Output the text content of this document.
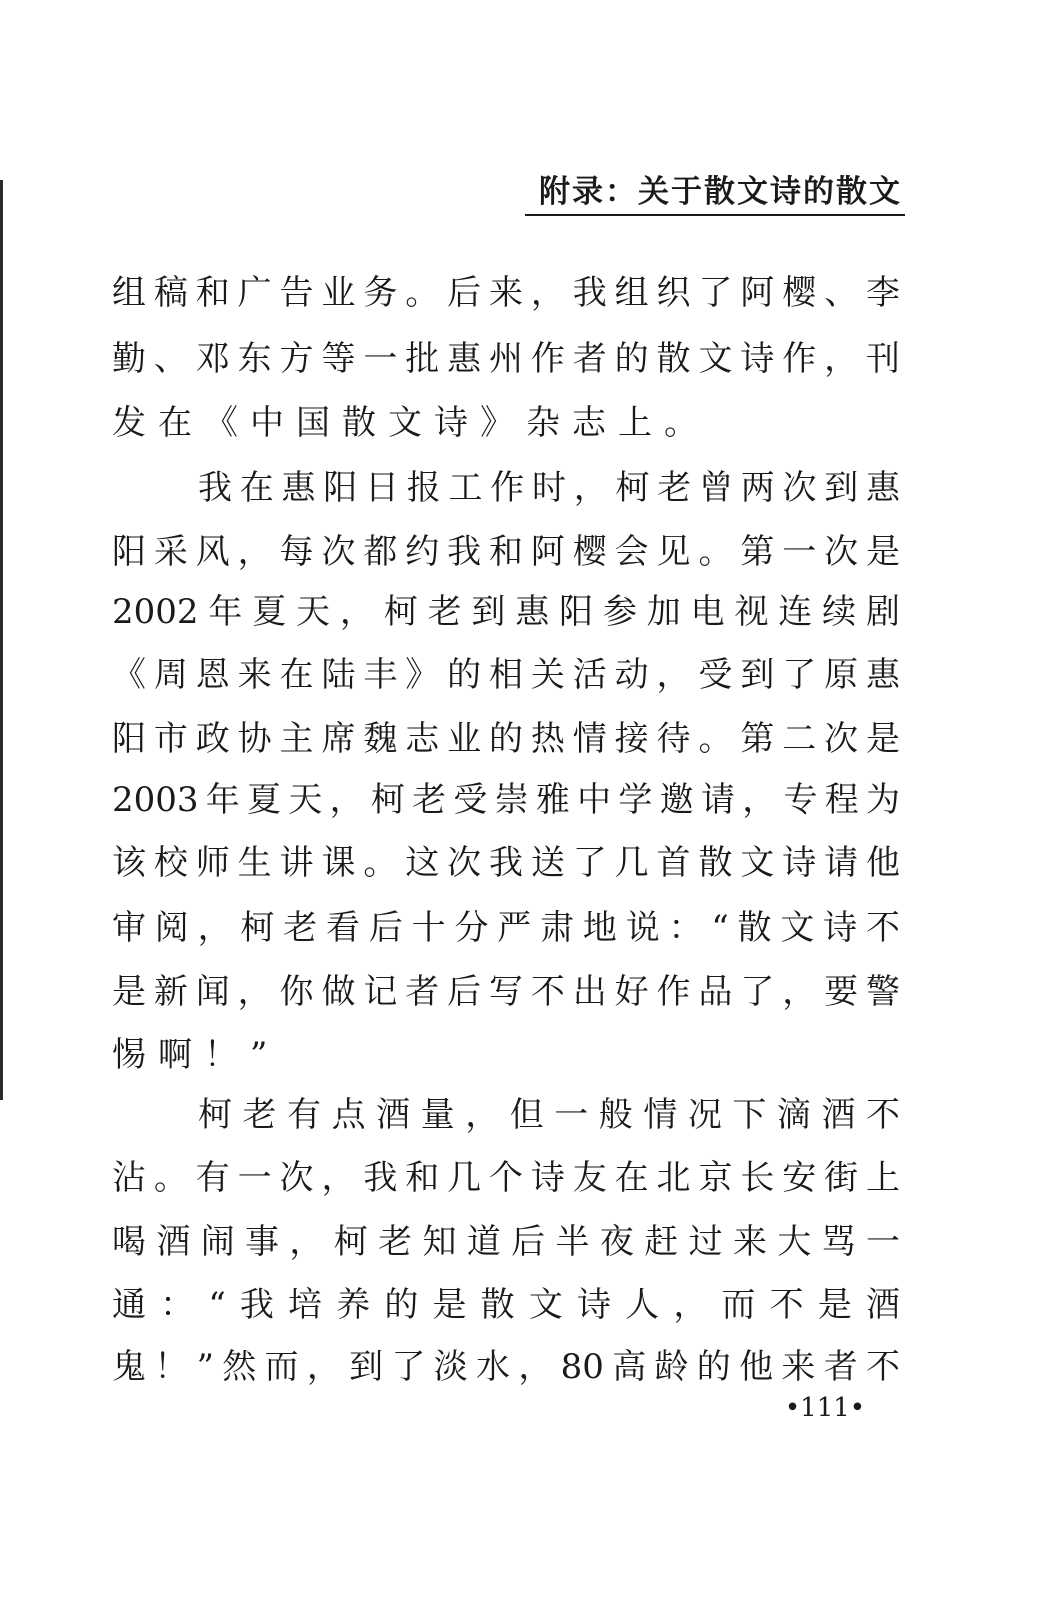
附录：关于散文诗的散文
组稿和广告业务。后来，我组织了阿樱、李
勤、邓东方等一批惠州作者的散文诗作，刊
发在《中国散文诗》杂志上。
我在惠阳日报工作时，柯老曾两次到惠
阳采风，每次都约我和阿樱会见。第一次是
2002年夏天，柯老到惠阳参加电视连续剧
《周恩来在陆丰》的相关活动，受到了原惠
阳市政协主席魏志业的热情接待。第二次是
2003年夏天，柯老受崇雅中学邀请，专程为
该校师生讲课。这次我送了几首散文诗请他
审阅，柯老看后十分严肃地说：“散文诗不
是新闻，你做记者后写不出好作品了，要警
惕啊！”
柯老有点酒量，但一般情况下滴酒不
沾。有一次，我和几个诗友在北京长安街上
喝酒闹事，柯老知道后半夜赶过来大骂一
通：“我培养的是散文诗人，而不是酒
鬼！”然而，到了淡水，80高龄的他来者不
•111•
